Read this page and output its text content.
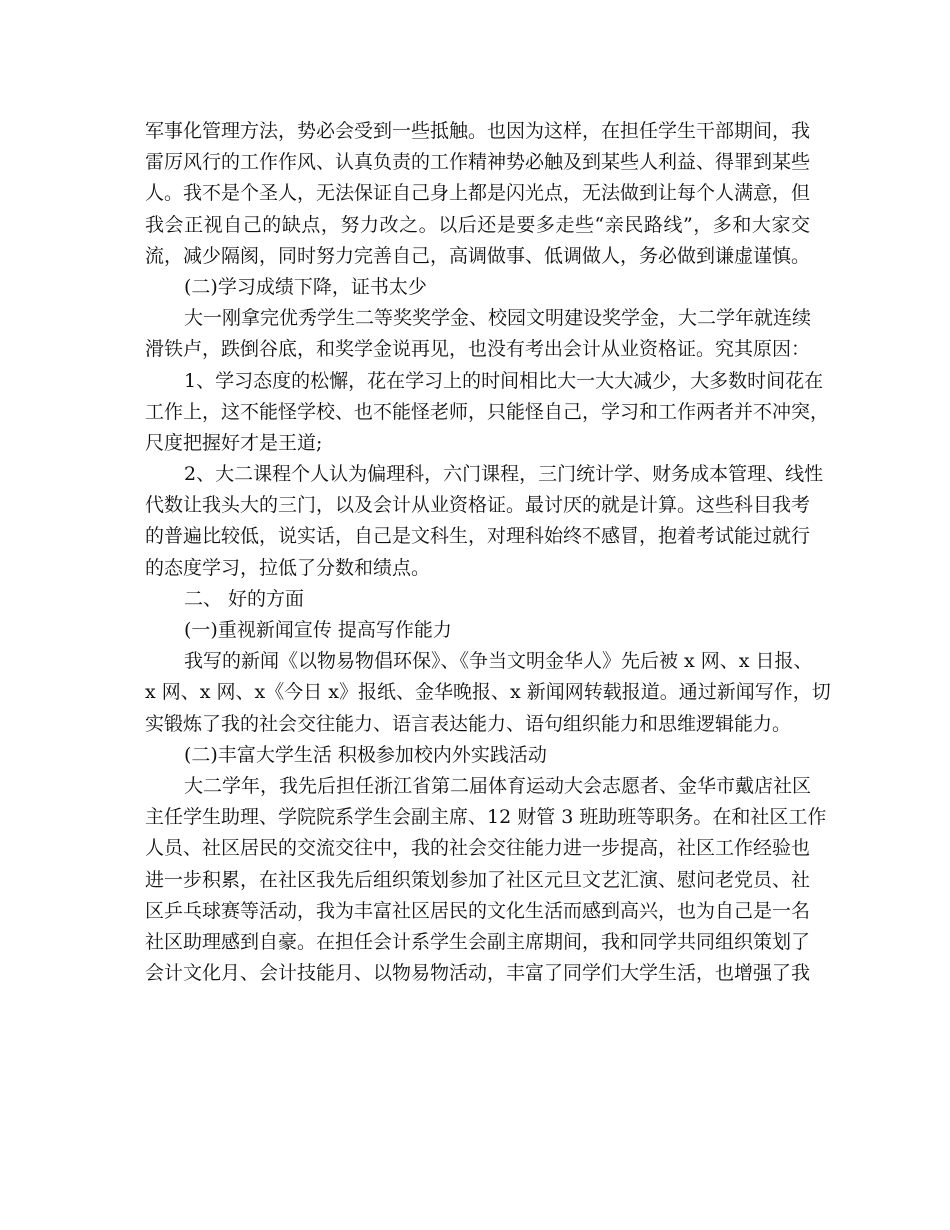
军事化管理方法，势必会受到一些抵触。也因为这样，在担任学生干部期间，我
雷厉风行的工作作风、认真负责的工作精神势必触及到某些人利益、得罪到某些
人。我不是个圣人，无法保证自己身上都是闪光点，无法做到让每个人满意，但
我会正视自己的缺点，努力改之。以后还是要多走些“亲民路线”，多和大家交
流，减少隔阂，同时努力完善自己，高调做事、低调做人，务必做到谦虚谨慎。
(二)学习成绩下降，证书太少
大一刚拿完优秀学生二等奖奖学金、校园文明建设奖学金，大二学年就连续
滑铁卢，跌倒谷底，和奖学金说再见，也没有考出会计从业资格证。究其原因：
1、学习态度的松懈，花在学习上的时间相比大一大大减少，大多数时间花在
工作上，这不能怪学校、也不能怪老师，只能怪自己，学习和工作两者并不冲突，
尺度把握好才是王道;
2、大二课程个人认为偏理科，六门课程，三门统计学、财务成本管理、线性
代数让我头大的三门，以及会计从业资格证。最讨厌的就是计算。这些科目我考
的普遍比较低，说实话，自己是文科生，对理科始终不感冒，抱着考试能过就行
的态度学习，拉低了分数和绩点。
二、 好的方面
(一)重视新闻宣传 提高写作能力
我写的新闻《以物易物倡环保》、《争当文明金华人》先后被 x 网、x 日报、
x 网、x 网、x《今日 x》报纸、金华晚报、x 新闻网转载报道。通过新闻写作，切
实锻炼了我的社会交往能力、语言表达能力、语句组织能力和思维逻辑能力。
(二)丰富大学生活 积极参加校内外实践活动
大二学年，我先后担任浙江省第二届体育运动大会志愿者、金华市戴店社区
主任学生助理、学院院系学生会副主席、12 财管 3 班助班等职务。在和社区工作
人员、社区居民的交流交往中，我的社会交往能力进一步提高，社区工作经验也
进一步积累，在社区我先后组织策划参加了社区元旦文艺汇演、慰问老党员、社
区乒乓球赛等活动，我为丰富社区居民的文化生活而感到高兴，也为自己是一名
社区助理感到自豪。在担任会计系学生会副主席期间，我和同学共同组织策划了
会计文化月、会计技能月、以物易物活动，丰富了同学们大学生活，也增强了我
